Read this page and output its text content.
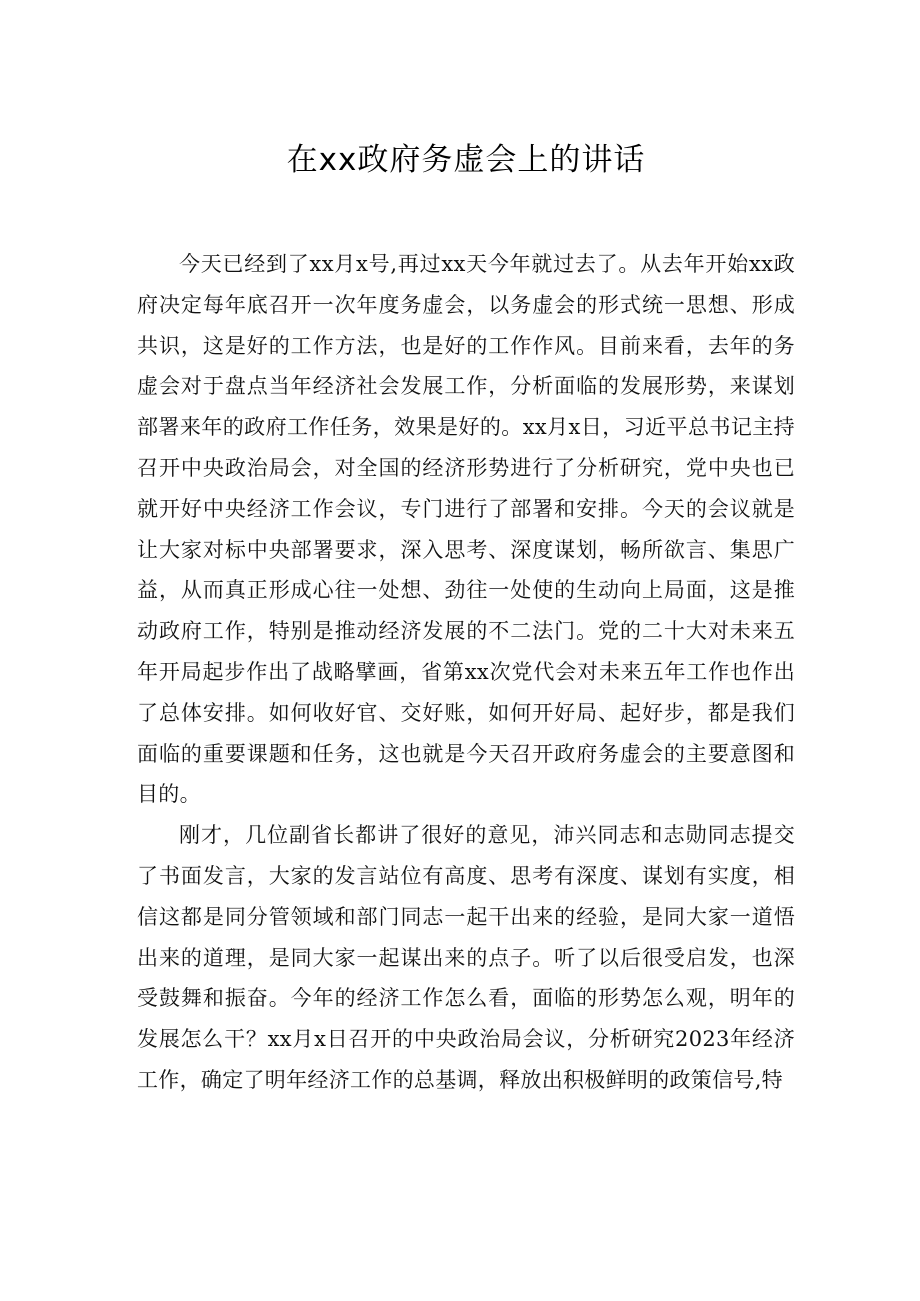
在xx政府务虚会上的讲话

今天已经到了xx月x号,再过xx天今年就过去了。从去年开始xx政府决定每年底召开一次年度务虚会，以务虚会的形式统一思想、形成共识，这是好的工作方法，也是好的工作作风。目前来看，去年的务虚会对于盘点当年经济社会发展工作，分析面临的发展形势，来谋划部署来年的政府工作任务，效果是好的。xx月x日，习近平总书记主持召开中央政治局会，对全国的经济形势进行了分析研究，党中央也已就开好中央经济工作会议，专门进行了部署和安排。今天的会议就是让大家对标中央部署要求，深入思考、深度谋划，畅所欲言、集思广益，从而真正形成心往一处想、劲往一处使的生动向上局面，这是推动政府工作，特别是推动经济发展的不二法门。党的二十大对未来五年开局起步作出了战略擘画，省第xx次党代会对未来五年工作也作出了总体安排。如何收好官、交好账，如何开好局、起好步，都是我们面临的重要课题和任务，这也就是今天召开政府务虚会的主要意图和目的。

刚才，几位副省长都讲了很好的意见，沛兴同志和志勋同志提交了书面发言，大家的发言站位有高度、思考有深度、谋划有实度，相信这都是同分管领域和部门同志一起干出来的经验，是同大家一道悟出来的道理，是同大家一起谋出来的点子。听了以后很受启发，也深受鼓舞和振奋。今年的经济工作怎么看，面临的形势怎么观，明年的发展怎么干？xx月x日召开的中央政治局会议，分析研究2023年经济工作，确定了明年经济工作的总基调，释放出积极鲜明的政策信号,特
